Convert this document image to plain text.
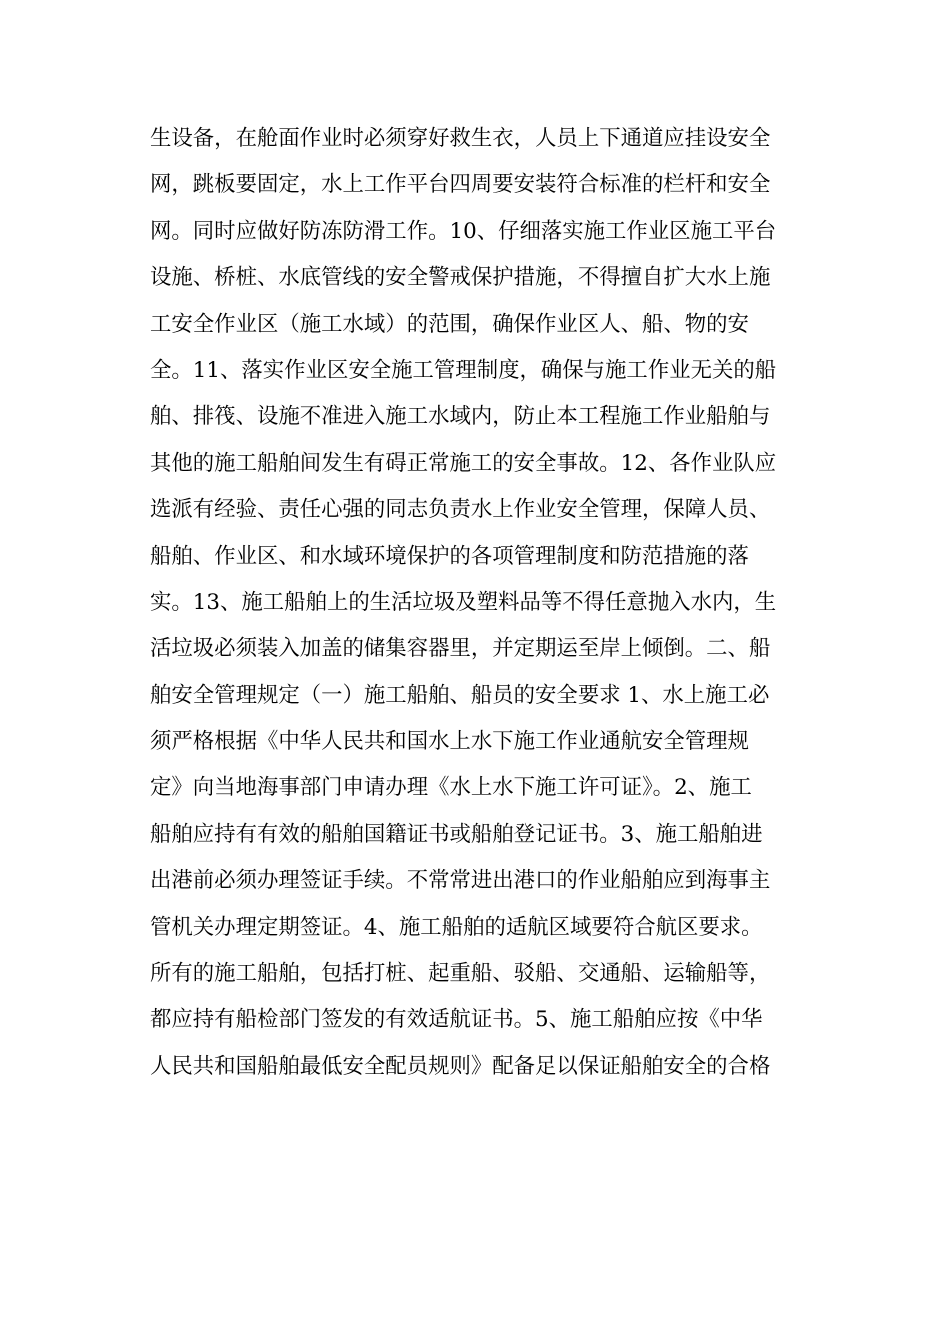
生设备，在舱面作业时必须穿好救生衣，人员上下通道应挂设安全
网，跳板要固定，水上工作平台四周要安装符合标准的栏杆和安全
网。同时应做好防冻防滑工作。10、仔细落实施工作业区施工平台
设施、桥桩、水底管线的安全警戒保护措施，不得擅自扩大水上施
工安全作业区（施工水域）的范围，确保作业区人、船、物的安
全。11、落实作业区安全施工管理制度，确保与施工作业无关的船
舶、排筏、设施不准进入施工水域内，防止本工程施工作业船舶与
其他的施工船舶间发生有碍正常施工的安全事故。12、各作业队应
选派有经验、责任心强的同志负责水上作业安全管理，保障人员、
船舶、作业区、和水域环境保护的各项管理制度和防范措施的落
实。13、施工船舶上的生活垃圾及塑料品等不得任意抛入水内，生
活垃圾必须装入加盖的储集容器里，并定期运至岸上倾倒。二、船
舶安全管理规定（一）施工船舶、船员的安全要求 1、水上施工必
须严格根据《中华人民共和国水上水下施工作业通航安全管理规
定》向当地海事部门申请办理《水上水下施工许可证》。2、施工
船舶应持有有效的船舶国籍证书或船舶登记证书。3、施工船舶进
出港前必须办理签证手续。不常常进出港口的作业船舶应到海事主
管机关办理定期签证。4、施工船舶的适航区域要符合航区要求。
所有的施工船舶，包括打桩、起重船、驳船、交通船、运输船等，
都应持有船检部门签发的有效适航证书。5、施工船舶应按《中华
人民共和国船舶最低安全配员规则》配备足以保证船舶安全的合格
